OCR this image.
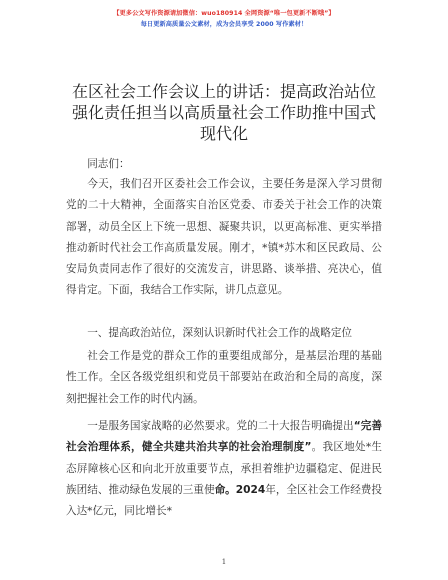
【更多公文写作资源请加微信：wuo180914 全网资源“唯一包更新不断哦”】
每日更新高质量公文素材，成为会员享受 2000 写作素材！
在区社会工作会议上的讲话：提高政治站位强化责任担当以高质量社会工作助推中国式现代化

同志们：

今天，我们召开区委社会工作会议，主要任务是深入学习贯彻党的二十大精神，全面落实自治区党委、市委关于社会工作的决策部署，动员全区上下统一思想、凝聚共识，以更高标准、更实举措推动新时代社会工作高质量发展。刚才，*镇*苏木和区民政局、公安局负责同志作了很好的交流发言，讲思路、谈举措、亮决心，值得肯定。下面，我结合工作实际，讲几点意见。

一、提高政治站位，深刻认识新时代社会工作的战略定位

社会工作是党的群众工作的重要组成部分，是基层治理的基础性工作。全区各级党组织和党员干部要站在政治和全局的高度，深刻把握社会工作的时代内涵。

一是服务国家战略的必然要求。党的二十大报告明确提出“完善社会治理体系，健全共建共治共享的社会治理制度”。我区地处*生态屏障核心区和向北开放重要节点，承担着维护边疆稳定、促进民族团结、推动绿色发展的三重使命。2024年，全区社会工作经费投入达*亿元，同比增长*

1
